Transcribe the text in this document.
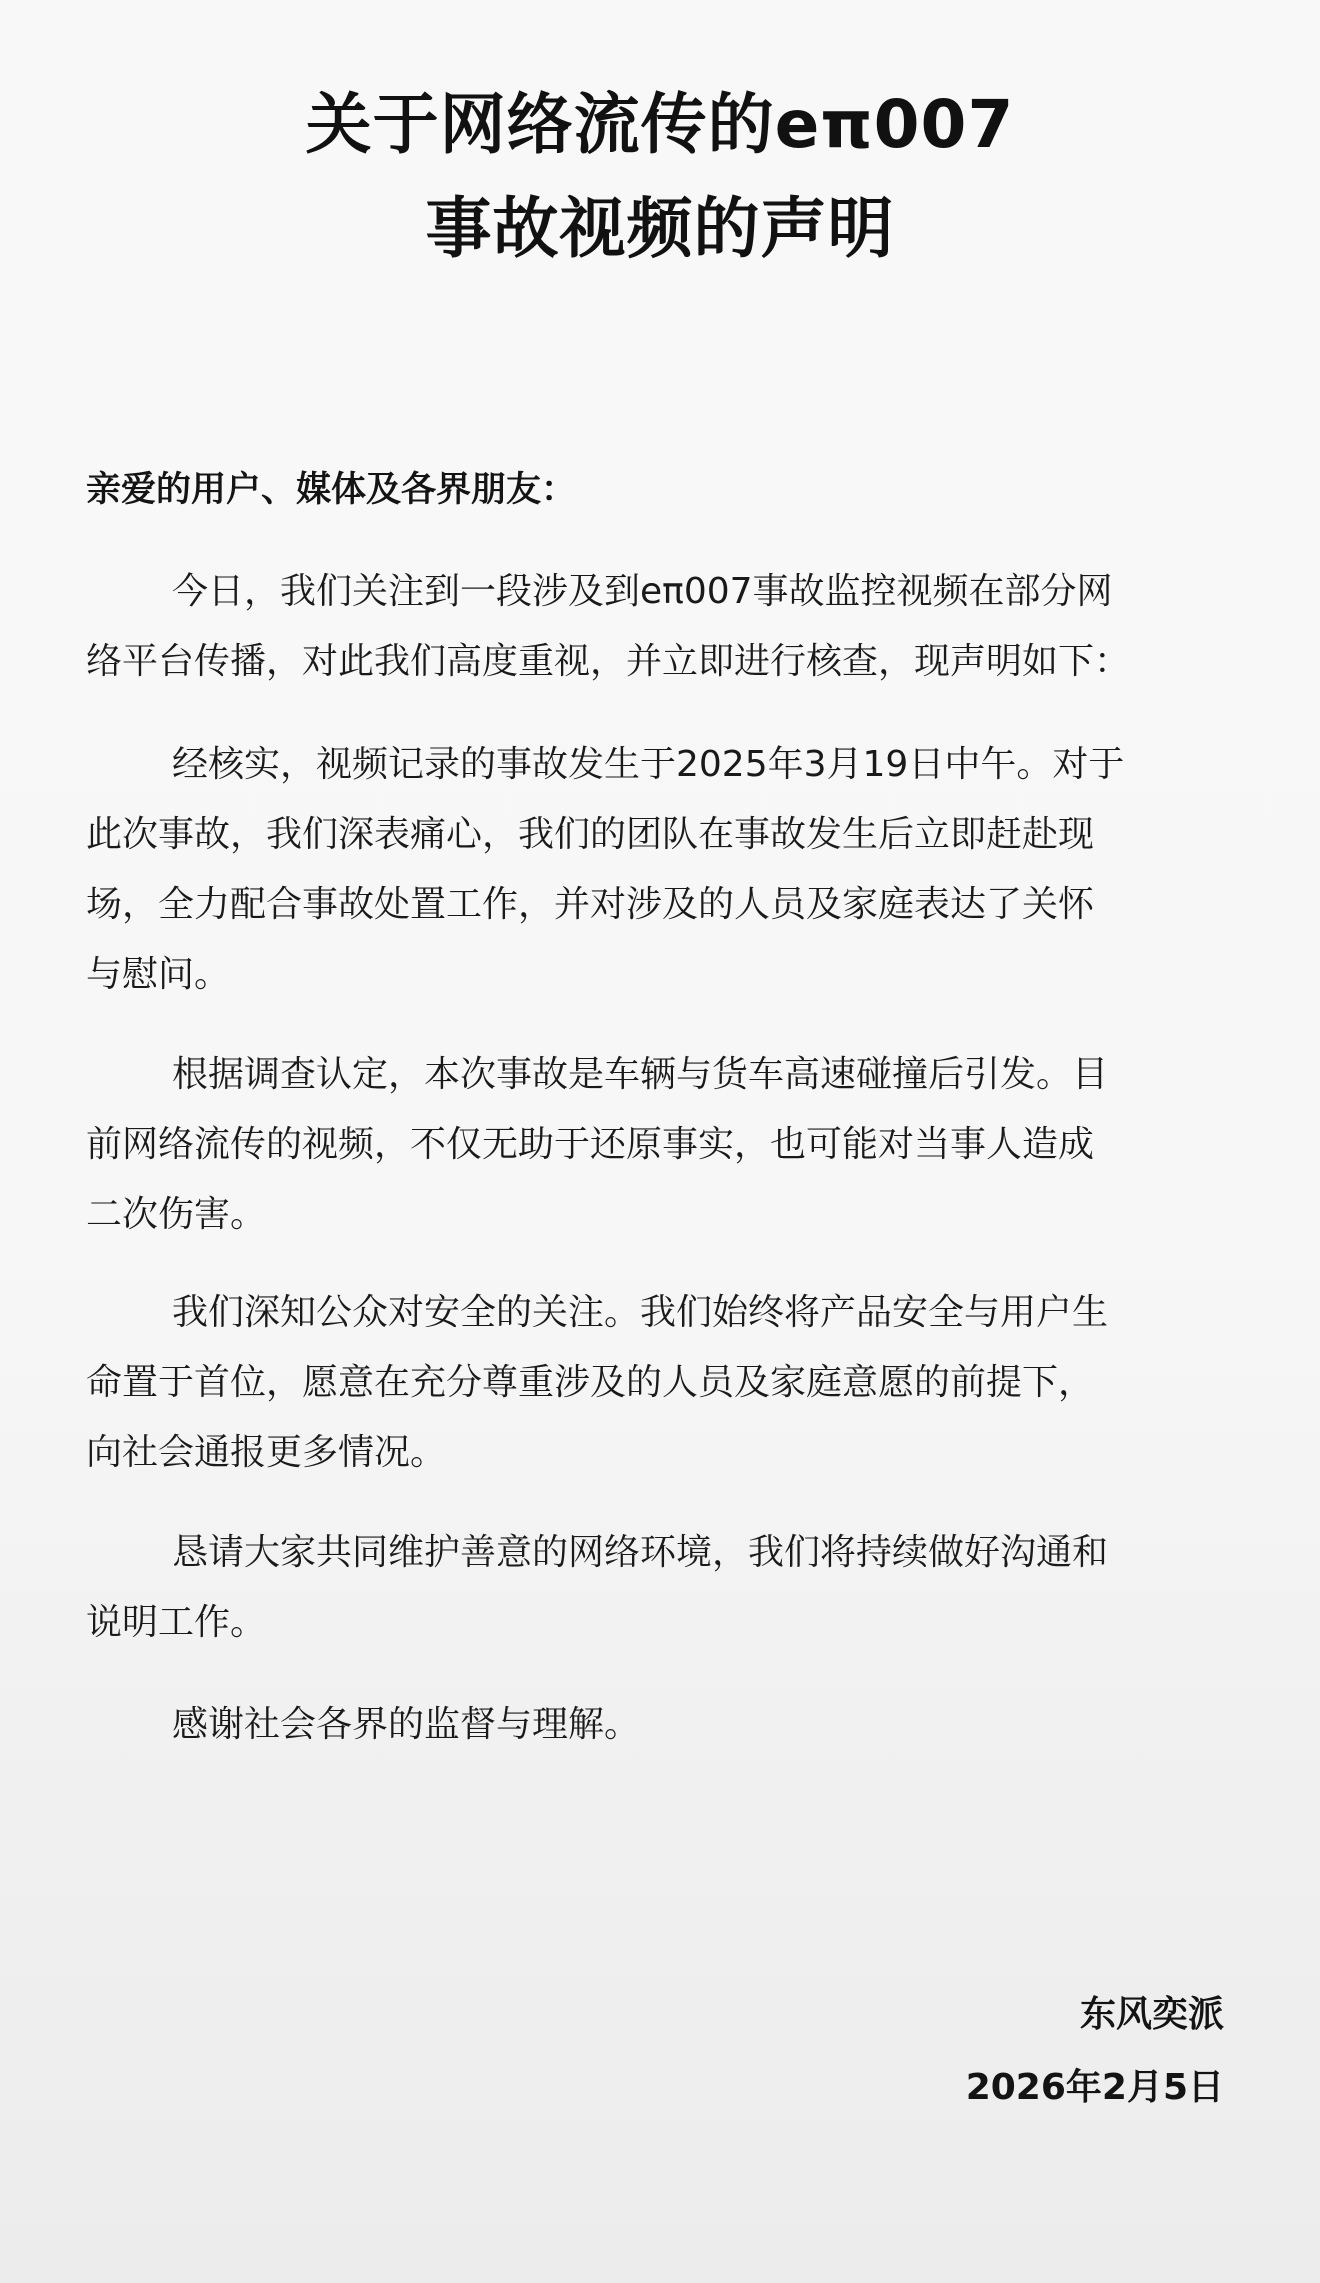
关于网络流传的eπ007
事故视频的声明
亲爱的用户、媒体及各界朋友：
今日，我们关注到一段涉及到eπ007事故监控视频在部分网
络平台传播，对此我们高度重视，并立即进行核查，现声明如下：
经核实，视频记录的事故发生于2025年3月19日中午。对于
此次事故，我们深表痛心，我们的团队在事故发生后立即赶赴现
场，全力配合事故处置工作，并对涉及的人员及家庭表达了关怀
与慰问。
根据调查认定，本次事故是车辆与货车高速碰撞后引发。目
前网络流传的视频，不仅无助于还原事实，也可能对当事人造成
二次伤害。
我们深知公众对安全的关注。我们始终将产品安全与用户生
命置于首位，愿意在充分尊重涉及的人员及家庭意愿的前提下，
向社会通报更多情况。
恳请大家共同维护善意的网络环境，我们将持续做好沟通和
说明工作。
感谢社会各界的监督与理解。
东风奕派
2026年2月5日
